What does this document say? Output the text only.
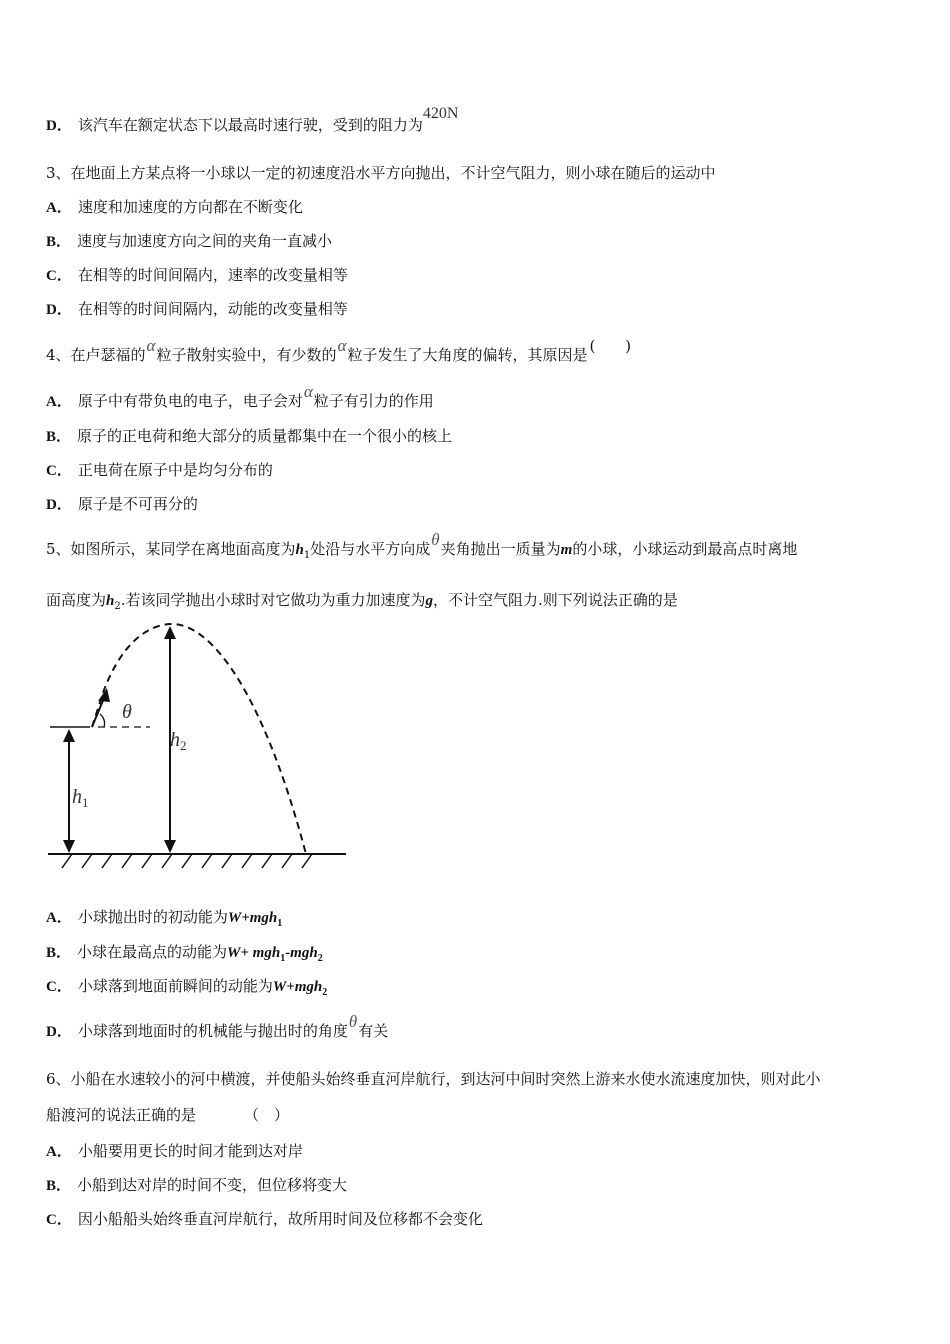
D． 该汽车在额定状态下以最高时速行驶，受到的阻力为420N
3、在地面上方某点将一小球以一定的初速度沿水平方向抛出，不计空气阻力，则小球在随后的运动中
A． 速度和加速度的方向都在不断变化
B． 速度与加速度方向之间的夹角一直减小
C． 在相等的时间间隔内，速率的改变量相等
D． 在相等的时间间隔内，动能的改变量相等
4、在卢瑟福的α粒子散射实验中，有少数的α粒子发生了大角度的偏转，其原因是 (　　)
A． 原子中有带负电的电子，电子会对α粒子有引力的作用
B． 原子的正电荷和绝大部分的质量都集中在一个很小的核上
C． 正电荷在原子中是均匀分布的
D． 原子是不可再分的
5、如图所示，某同学在离地面高度为$h_1$处沿与水平方向成θ夹角抛出一质量为m的小球，小球运动到最高点时离地
面高度为$h_2$.若该同学抛出小球时对它做功为重力加速度为g，不计空气阻力.则下列说法正确的是
θ
$h_1$
$h_2$
A． 小球抛出时的初动能为W+mgh$_1$
B． 小球在最高点的动能为W+ mgh$_1$-mgh$_2$
C． 小球落到地面前瞬间的动能为W+mgh$_2$
D． 小球落到地面时的机械能与抛出时的角度θ有关
6、小船在水速较小的河中横渡，并使船头始终垂直河岸航行，到达河中间时突然上游来水使水流速度加快，则对此小
船渡河的说法正确的是	（　）
A． 小船要用更长的时间才能到达对岸
B． 小船到达对岸的时间不变，但位移将变大
C． 因小船船头始终垂直河岸航行，故所用时间及位移都不会变化
